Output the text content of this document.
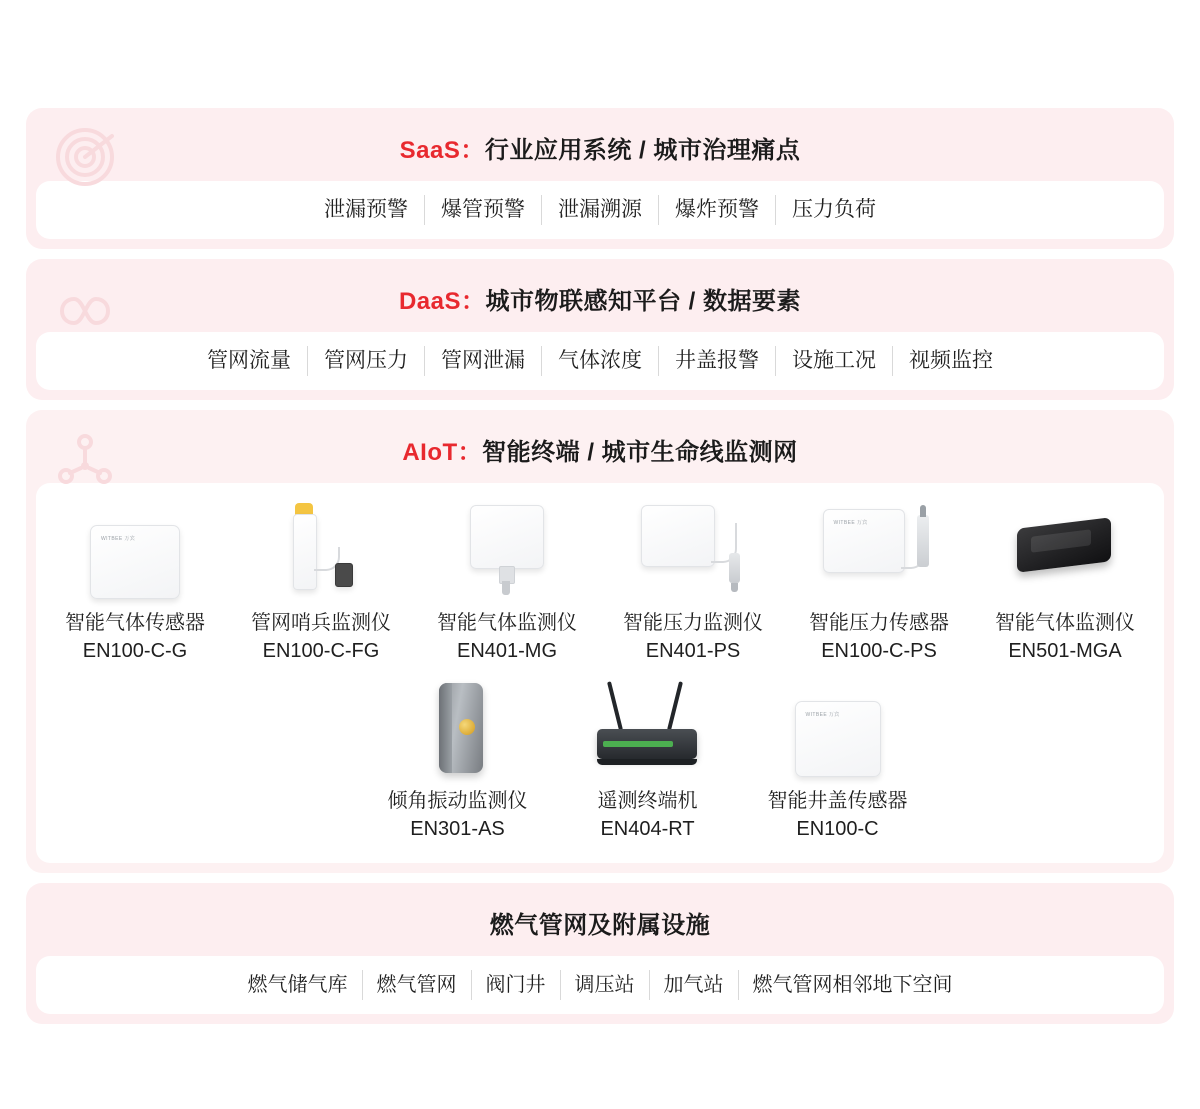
SaaS：行业应用系统 / 城市治理痛点
泄漏预警	爆管预警	泄漏溯源	爆炸预警	压力负荷
DaaS：城市物联感知平台 / 数据要素
管网流量	管网压力	管网泄漏	气体浓度	井盖报警	设施工况	视频监控
AIoT：智能终端 / 城市生命线监测网
WITBEE 万宾
智能气体传感器
EN100-C-G
管网哨兵监测仪
EN100-C-FG
智能气体监测仪
EN401-MG
智能压力监测仪
EN401-PS
WITBEE 万宾
智能压力传感器
EN100-C-PS
智能气体监测仪
EN501-MGA
倾角振动监测仪
EN301-AS
遥测终端机
EN404-RT
WITBEE 万宾
智能井盖传感器
EN100-C
燃气管网及附属设施
燃气储气库	燃气管网	阀门井	调压站	加气站	燃气管网相邻地下空间
